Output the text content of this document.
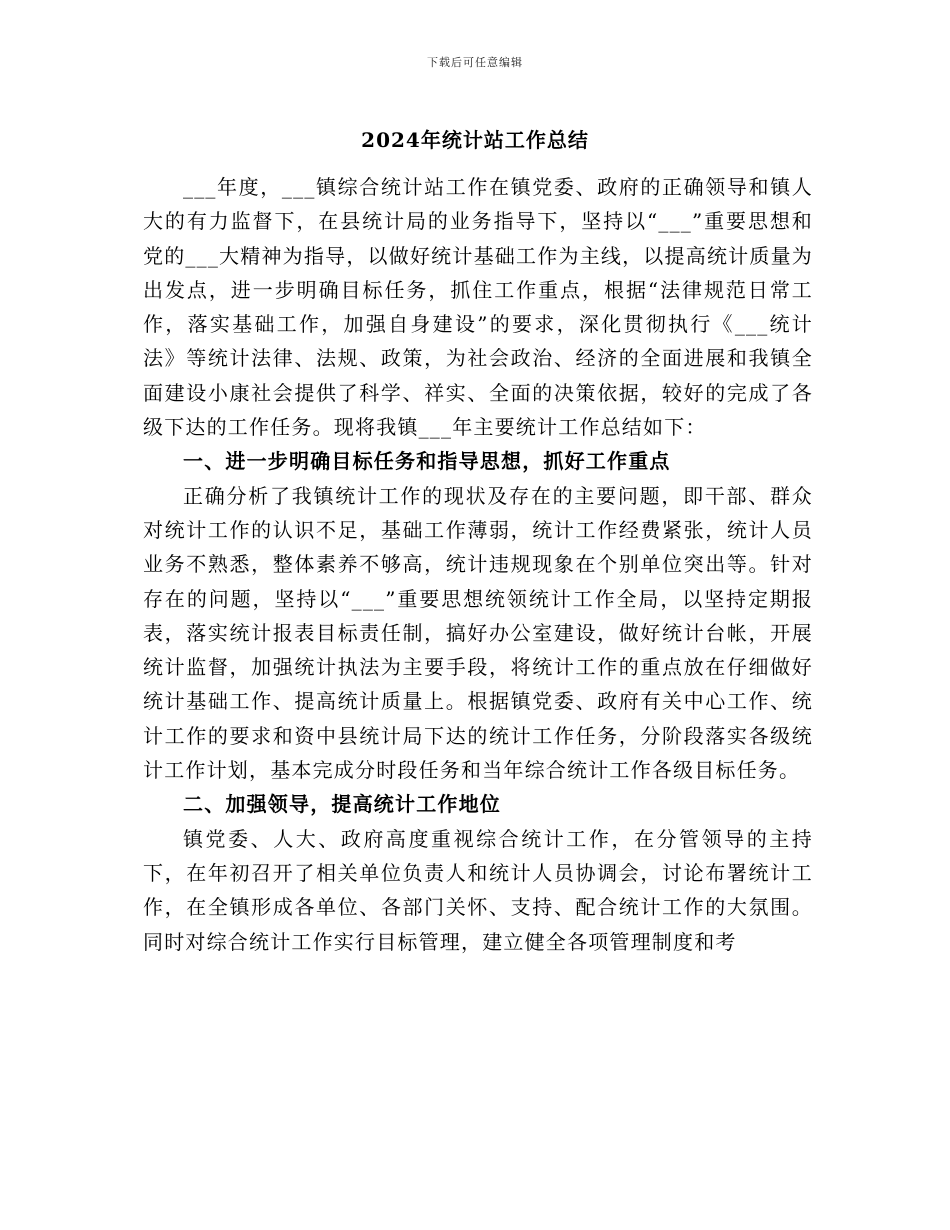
下载后可任意编辑
2024年统计站工作总结

___年度，___镇综合统计站工作在镇党委、政府的正确领导和镇人大的有力监督下，在县统计局的业务指导下，坚持以“___”重要思想和党的___大精神为指导，以做好统计基础工作为主线，以提高统计质量为出发点，进一步明确目标任务，抓住工作重点，根据“法律规范日常工作，落实基础工作，加强自身建设”的要求，深化贯彻执行《___统计法》等统计法律、法规、政策，为社会政治、经济的全面进展和我镇全面建设小康社会提供了科学、祥实、全面的决策依据，较好的完成了各级下达的工作任务。现将我镇___年主要统计工作总结如下：

一、进一步明确目标任务和指导思想，抓好工作重点

正确分析了我镇统计工作的现状及存在的主要问题，即干部、群众对统计工作的认识不足，基础工作薄弱，统计工作经费紧张，统计人员业务不熟悉，整体素养不够高，统计违规现象在个别单位突出等。针对存在的问题，坚持以“___”重要思想统领统计工作全局，以坚持定期报表，落实统计报表目标责任制，搞好办公室建设，做好统计台帐，开展统计监督，加强统计执法为主要手段，将统计工作的重点放在仔细做好统计基础工作、提高统计质量上。根据镇党委、政府有关中心工作、统计工作的要求和资中县统计局下达的统计工作任务，分阶段落实各级统计工作计划，基本完成分时段任务和当年综合统计工作各级目标任务。

二、加强领导，提高统计工作地位

镇党委、人大、政府高度重视综合统计工作，在分管领导的主持下，在年初召开了相关单位负责人和统计人员协调会，讨论布署统计工作，在全镇形成各单位、各部门关怀、支持、配合统计工作的大氛围。同时对综合统计工作实行目标管理，建立健全各项管理制度和考
